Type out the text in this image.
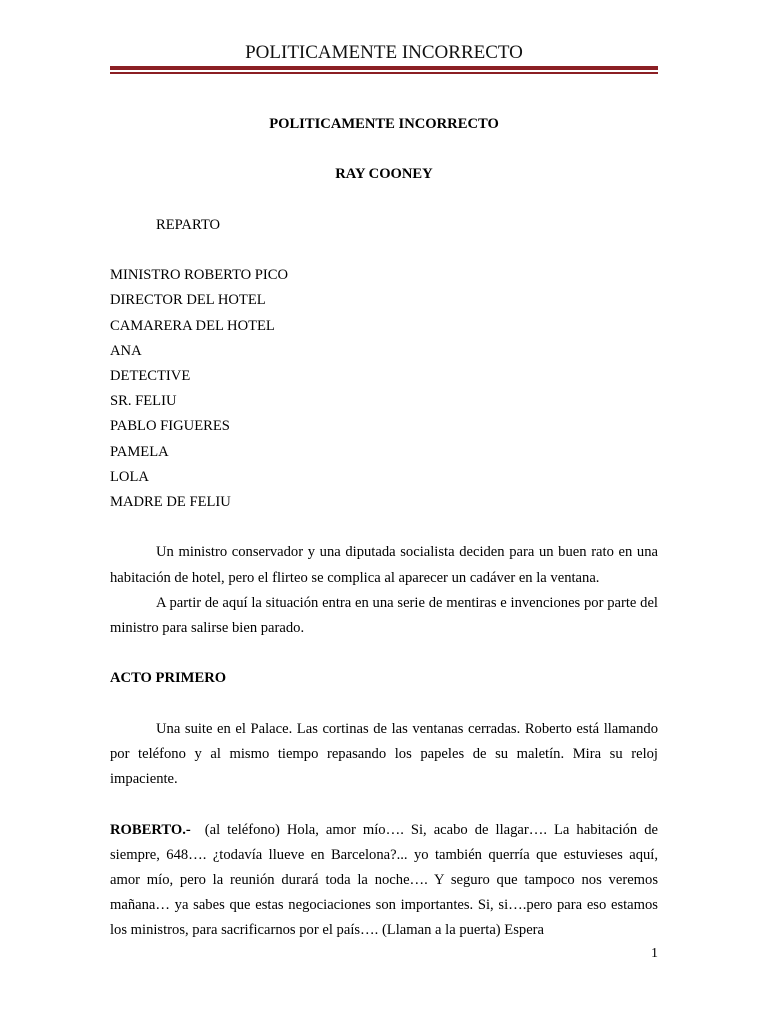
POLITICAMENTE INCORRECTO

POLITICAMENTE INCORRECTO

RAY COONEY

REPARTO

MINISTRO ROBERTO PICO
DIRECTOR DEL HOTEL
CAMARERA DEL HOTEL
ANA
DETECTIVE
SR. FELIU
PABLO FIGUERES
PAMELA
LOLA
MADRE DE FELIU

Un ministro conservador y una diputada socialista deciden para un buen rato en una habitación de hotel, pero el flirteo se complica al aparecer un cadáver en la ventana.

A partir de aquí la situación entra en una serie de mentiras e invenciones por parte del ministro para salirse bien parado.

ACTO PRIMERO

Una suite en el Palace. Las cortinas de las ventanas cerradas. Roberto está llamando por teléfono y al mismo tiempo repasando los papeles de su maletín. Mira su reloj impaciente.

ROBERTO.- (al teléfono) Hola, amor mío…. Si, acabo de llagar…. La habitación de siempre, 648…. ¿todavía llueve en Barcelona?... yo también querría que estuvieses aquí, amor mío, pero la reunión durará toda la noche…. Y seguro que tampoco nos veremos mañana… ya sabes que estas negociaciones son importantes. Si, si….pero para eso estamos los ministros, para sacrificarnos por el país…. (Llaman a la puerta) Espera

1
